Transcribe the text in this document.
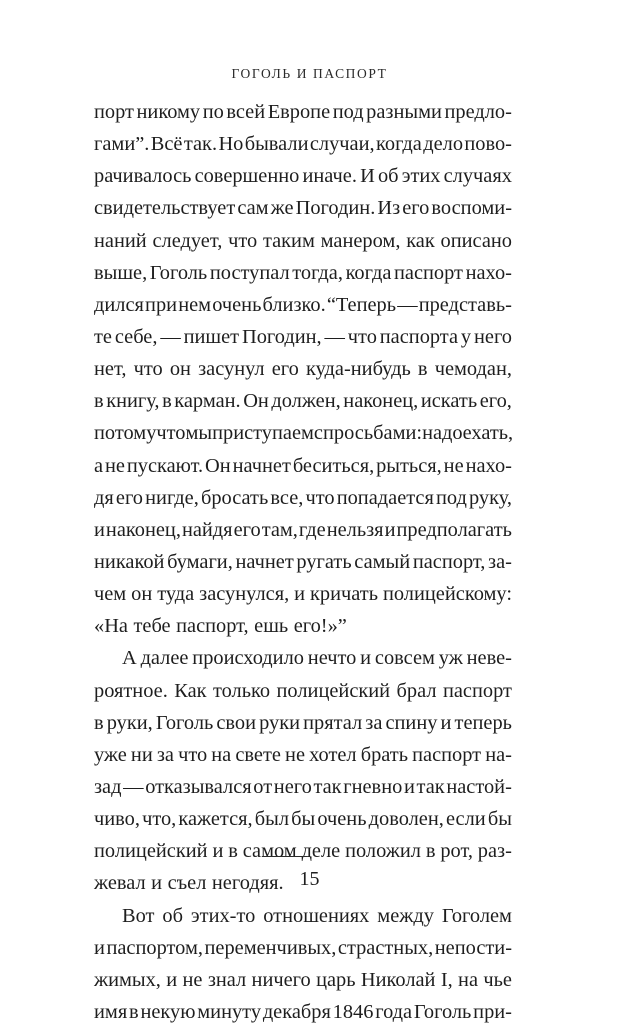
ГОГОЛЬ И ПАСПОРТ
порт никому по всей Европе под разными предло-
гами”. Всё так. Но бывали случаи, когда дело пово-
рачивалось совершенно иначе. И об этих случаях
свидетельствует сам же Погодин. Из его воспоми-
наний следует, что таким манером, как описано
выше, Гоголь поступал тогда, когда паспорт нахо-
дился при нем очень близко. “Теперь — представь-
те себе, — пишет Погодин, — что паспорта у него
нет, что он засунул его куда-нибудь в чемодан,
в книгу, в карман. Он должен, наконец, искать его,
потому что мы приступаем с просьбами: надо ехать,
а не пускают. Он начнет беситься, рыться, не нахо-
дя его нигде, бросать все, что попадается под руку,
и наконец, найдя его там, где нельзя и предполагать
никакой бумаги, начнет ругать самый паспорт, за-
чем он туда засунулся, и кричать полицейскому:
«На тебе паспорт, ешь его!»”
А далее происходило нечто и совсем уж неве-
роятное. Как только полицейский брал паспорт
в руки, Гоголь свои руки прятал за спину и теперь
уже ни за что на свете не хотел брать паспорт на-
зад — отказывался от него так гневно и так настой-
чиво, что, кажется, был бы очень доволен, если бы
полицейский и в самом деле положил в рот, раз-
жевал и съел негодяя.
Вот об этих-то отношениях между Гоголем
и паспортом, переменчивых, страстных, непости-
жимых, и не знал ничего царь Николай I, на чье
имя в некую минуту декабря 1846 года Гоголь при-
15
